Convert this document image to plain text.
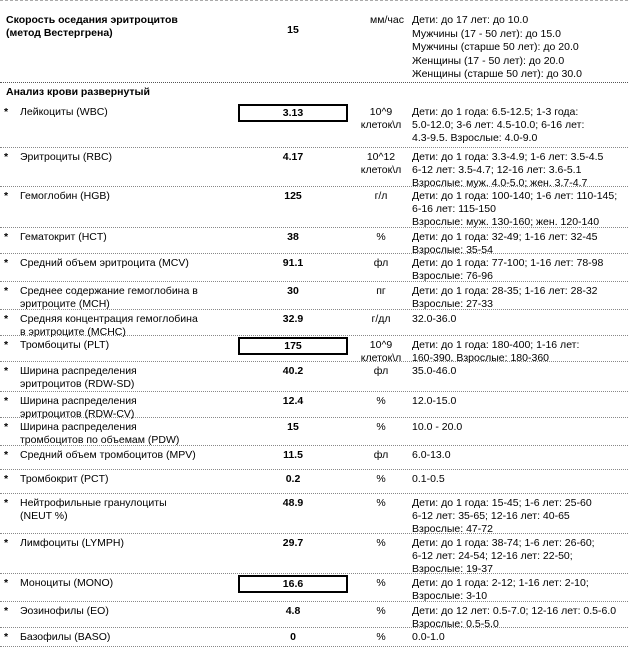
Скорость оседания эритроцитов
(метод Вестергрена)	15
мм/час Дети: до 17 лет: до 10.0
Мужчины (17 - 50 лет): до 15.0
Мужчины (старше 50 лет): до 20.0
Женщины (17 - 50 лет): до 20.0
Женщины (старше 50 лет): до 30.0
Анализ крови развернутый
* Лейкоциты (WBC)	3.13	10^9
клеток\л
Дети: до 1 года: 6.5-12.5; 1-3 года:
5.0-12.0; 3-6 лет: 4.5-10.0; 6-16 лет:
4.3-9.5. Взрослые: 4.0-9.0
* Эритроциты (RBC)	4.17	10^12
клеток\л
Дети: до 1 года: 3.3-4.9; 1-6 лет: 3.5-4.5
6-12 лет: 3.5-4.7; 12-16 лет: 3.6-5.1
Взрослые: муж. 4.0-5.0; жен. 3.7-4.7
* Гемоглобин (HGB)	125	г/л	Дети: до 1 года: 100-140; 1-6 лет: 110-145;
6-16 лет: 115-150
Взрослые: муж. 130-160; жен. 120-140
* Гематокрит (HCT)	38	%	Дети: до 1 года: 32-49; 1-16 лет: 32-45
Взрослые: 35-54
* Средний объем эритроцита (MCV)	91.1	фл	Дети: до 1 года: 77-100; 1-16 лет: 78-98
Взрослые: 76-96
* Среднее содержание гемоглобина в
эритроците (MCH)
30	пг	Дети: до 1 года: 28-35; 1-16 лет: 28-32
Взрослые: 27-33
* Средняя концентрация гемоглобина
в эритроците (MCHC)
32.9	г/дл	32.0-36.0
* Тромбоциты (PLT)	175	10^9
клеток\л
Дети: до 1 года: 180-400; 1-16 лет:
160-390. Взрослые: 180-360
* Ширина распределения
эритроцитов (RDW-SD)
40.2	фл	35.0-46.0
* Ширина распределения
эритроцитов (RDW-CV)
12.4	%	12.0-15.0
* Ширина распределения
тромбоцитов по объемам (PDW)
15	%	10.0 - 20.0
* Средний объем тромбоцитов (MPV)	11.5	фл	6.0-13.0
* Тромбокрит (PCT)	0.2	%	0.1-0.5
* Нейтрофильные гранулоциты
(NEUT %)
48.9	%	Дети: до 1 года: 15-45; 1-6 лет: 25-60
6-12 лет: 35-65; 12-16 лет: 40-65
Взрослые: 47-72
* Лимфоциты (LYMPH)	29.7	%	Дети: до 1 года: 38-74; 1-6 лет: 26-60;
6-12 лет: 24-54; 12-16 лет: 22-50;
Взрослые: 19-37
* Моноциты (MONO)	16.6	%	Дети: до 1 года: 2-12; 1-16 лет: 2-10;
Взрослые: 3-10
* Эозинофилы (EO)	4.8	%	Дети: до 12 лет: 0.5-7.0; 12-16 лет: 0.5-6.0
Взрослые: 0.5-5.0
* Базофилы (BASO)	0	%	0.0-1.0
